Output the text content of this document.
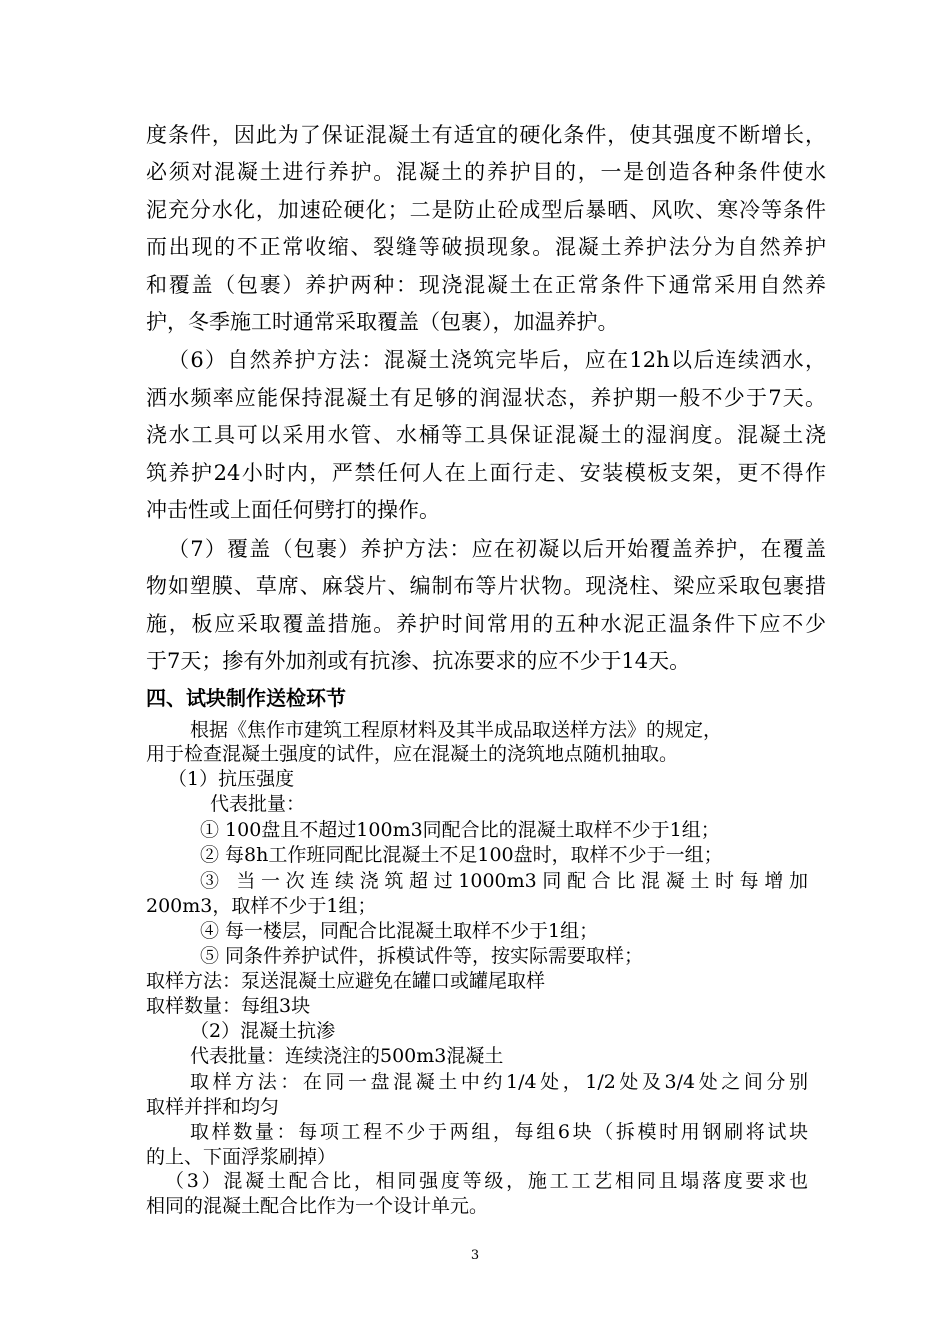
度条件，因此为了保证混凝土有适宜的硬化条件，使其强度不断增长，
必须对混凝土进行养护。混凝土的养护目的，一是创造各种条件使水
泥充分水化，加速砼硬化；二是防止砼成型后暴晒、风吹、寒冷等条件
而出现的不正常收缩、裂缝等破损现象。混凝土养护法分为自然养护
和覆盖（包裹）养护两种：现浇混凝土在正常条件下通常采用自然养
护，冬季施工时通常采取覆盖（包裹），加温养护。
（6）自然养护方法：混凝土浇筑完毕后，应在12h以后连续洒水，
洒水频率应能保持混凝土有足够的润湿状态，养护期一般不少于7天。
浇水工具可以采用水管、水桶等工具保证混凝土的湿润度。混凝土浇
筑养护24小时内，严禁任何人在上面行走、安装模板支架，更不得作
冲击性或上面任何劈打的操作。
（7）覆盖（包裹）养护方法：应在初凝以后开始覆盖养护，在覆盖
物如塑膜、草席、麻袋片、编制布等片状物。现浇柱、梁应采取包裹措
施，板应采取覆盖措施。养护时间常用的五种水泥正温条件下应不少
于7天；掺有外加剂或有抗渗、抗冻要求的应不少于14天。
四、试块制作送检环节
根据《焦作市建筑工程原材料及其半成品取送样方法》的规定，
用于检查混凝土强度的试件，应在混凝土的浇筑地点随机抽取。
（1）抗压强度
代表批量：
① 100盘且不超过100m3同配合比的混凝土取样不少于1组；
② 每8h工作班同配比混凝土不足100盘时，取样不少于一组；
③ 当一次连续浇筑超过1000m3同配合比混凝土时每增加
200m3，取样不少于1组；
④ 每一楼层，同配合比混凝土取样不少于1组；
⑤ 同条件养护试件，拆模试件等，按实际需要取样；
取样方法：泵送混凝土应避免在罐口或罐尾取样
取样数量：每组3块
（2）混凝土抗渗
代表批量：连续浇注的500m3混凝土
取样方法：在同一盘混凝土中约1/4处，1/2处及3/4处之间分别
取样并拌和均匀
取样数量：每项工程不少于两组，每组6块（拆模时用钢刷将试块
的上、下面浮浆刷掉）
（3）混凝土配合比，相同强度等级，施工工艺相同且塌落度要求也
相同的混凝土配合比作为一个设计单元。
3
